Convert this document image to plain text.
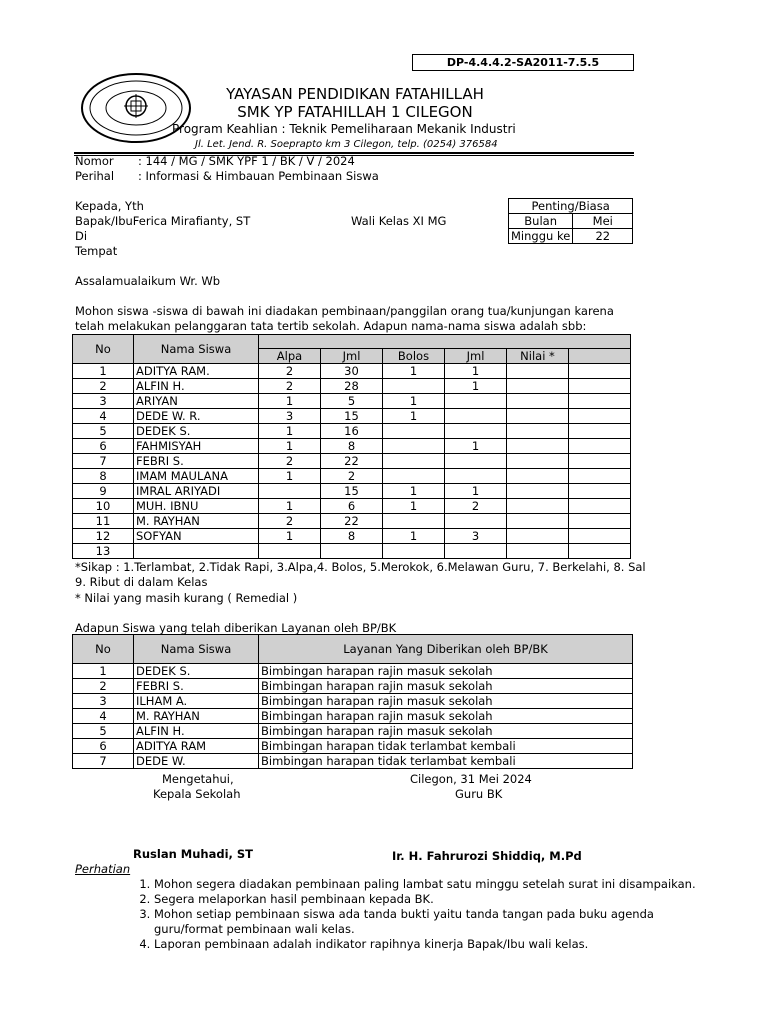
DP-4.4.4.2-SA2011-7.5.5
YAYASAN PENDIDIKAN FATAHILLAH
SMK YP FATAHILLAH 1 CILEGON
Program Keahlian : Teknik Pemeliharaan Mekanik Industri
Jl. Let. Jend. R. Soeprapto km 3 Cilegon, telp. (0254) 376584
Nomor : 144 / MG / SMK YPF 1 / BK / V / 2024
Perihal : Informasi & Himbauan Pembinaan Siswa
Kepada, Yth
Bapak/IbuFerica Mirafianty, ST	Wali Kelas XI MG
Di
Tempat
Penting/Biasa	
Bulan	Mei
Minggu ke	22
Assalamualaikum Wr. Wb
Mohon siswa -siswa di bawah ini diadakan pembinaan/panggilan orang tua/kunjungan karena
telah melakukan pelanggaran tata tertib sekolah. Adapun nama-nama siswa adalah sbb:
No	Nama Siswa						
		Alpa	Jml	Bolos	Jml	Nilai *	
1	ADITYA RAM.	2	30	1	1		
2	ALFIN H.	2	28		1		
3	ARIYAN	1	5	1			
4	DEDE W. R.	3	15	1			
5	DEDEK S.	1	16				
6	FAHMISYAH	1	8		1		
7	FEBRI S.	2	22				
8	IMAM MAULANA	1	2				
9	IMRAL ARIYADI		15	1	1		
10	MUH. IBNU	1	6	1	2		
11	M. RAYHAN	2	22				
12	SOFYAN	1	8	1	3		
13							
*Sikap : 1.Terlambat, 2.Tidak Rapi, 3.Alpa,4. Bolos, 5.Merokok, 6.Melawan Guru, 7. Berkelahi, 8. Sal
9. Ribut di dalam Kelas
* Nilai yang masih kurang ( Remedial )
Adapun Siswa yang telah diberikan Layanan oleh BP/BK
No	Nama Siswa	Layanan Yang Diberikan oleh BP/BK
1	DEDEK S.	Bimbingan harapan rajin masuk sekolah
2	FEBRI S.	Bimbingan harapan rajin masuk sekolah
3	ILHAM A.	Bimbingan harapan rajin masuk sekolah
4	M. RAYHAN	Bimbingan harapan rajin masuk sekolah
5	ALFIN H.	Bimbingan harapan rajin masuk sekolah
6	ADITYA RAM	Bimbingan harapan tidak terlambat kembali
7	DEDE W.	Bimbingan harapan tidak terlambat kembali
Mengetahui,
Kepala Sekolah
Cilegon, 31 Mei 2024
Guru BK
Ruslan Muhadi, ST	Ir. H. Fahrurozi Shiddiq, M.Pd
Perhatian
1. Mohon segera diadakan pembinaan paling lambat satu minggu setelah surat ini disampaikan.
2. Segera melaporkan hasil pembinaan kepada BK.
3. Mohon setiap pembinaan siswa ada tanda bukti yaitu tanda tangan pada buku agenda guru/format pembinaan wali kelas.
4. Laporan pembinaan adalah indikator rapihnya kinerja Bapak/Ibu wali kelas.
